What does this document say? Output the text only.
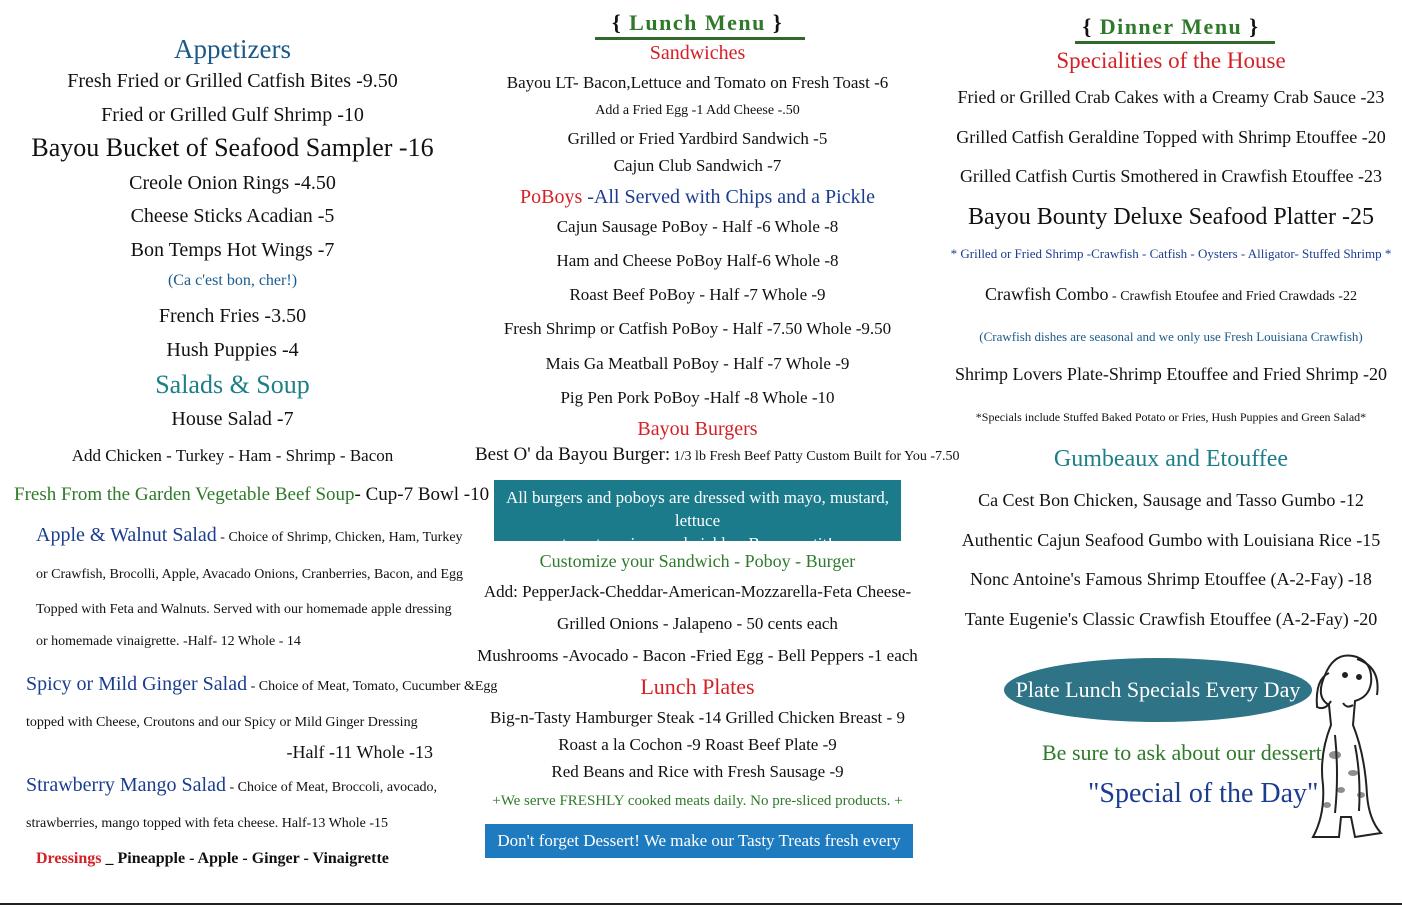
Appetizers
Fresh Fried or Grilled Catfish Bites -9.50
Fried or Grilled Gulf Shrimp -10
Bayou Bucket of Seafood Sampler -16
Creole Onion Rings -4.50
Cheese Sticks Acadian -5
Bon Temps Hot Wings -7
(Ca c'est bon, cher!)
French Fries -3.50
Hush Puppies -4
Salads & Soup
House Salad -7
Add Chicken - Turkey - Ham - Shrimp - Bacon
Fresh From the Garden Vegetable Beef Soup- Cup-7 Bowl -10
Apple & Walnut Salad - Choice of Shrimp, Chicken, Ham, Turkey
or Crawfish, Brocolli, Apple, Avacado Onions, Cranberries, Bacon, and Egg
Topped with Feta and Walnuts. Served with our homemade apple dressing
or homemade vinaigrette. -Half- 12 Whole - 14
Spicy or Mild Ginger Salad - Choice of Meat, Tomato, Cucumber &Egg
topped with Cheese, Croutons and our Spicy or Mild Ginger Dressing
-Half -11 Whole -13
Strawberry Mango Salad - Choice of Meat, Broccoli, avocado,
strawberries, mango topped with feta cheese. Half-13 Whole -15
Dressings _ Pineapple - Apple - Ginger - Vinaigrette
{ Lunch Menu }
Sandwiches
Bayou LT- Bacon,Lettuce and Tomato on Fresh Toast -6
Add a Fried Egg -1 Add Cheese -.50
Grilled or Fried Yardbird Sandwich -5
Cajun Club Sandwich -7
PoBoys -All Served with Chips and a Pickle
Cajun Sausage PoBoy - Half -6 Whole -8
Ham and Cheese PoBoy Half-6 Whole -8
Roast Beef PoBoy - Half -7 Whole -9
Fresh Shrimp or Catfish PoBoy - Half -7.50 Whole -9.50
Mais Ga Meatball PoBoy - Half -7 Whole -9
Pig Pen Pork PoBoy -Half -8 Whole -10
Bayou Burgers
Best O' da Bayou Burger: 1/3 lb Fresh Beef Patty Custom Built for You -7.50
All burgers and poboys are dressed with mayo, mustard, lettuce
tomato onions and pickles. Bon appetit!
Customize your Sandwich - Poboy - Burger
Add: PepperJack-Cheddar-American-Mozzarella-Feta Cheese-
Grilled Onions - Jalapeno - 50 cents each
Mushrooms -Avocado - Bacon -Fried Egg - Bell Peppers -1 each
Lunch Plates
Big-n-Tasty Hamburger Steak -14 Grilled Chicken Breast - 9
Roast a la Cochon -9 Roast Beef Plate -9
Red Beans and Rice with Fresh Sausage -9
+We serve FRESHLY cooked meats daily. No pre-sliced products. +
Don't forget Dessert! We make our Tasty Treats fresh every day!
{ Dinner Menu }
Specialities of the House
Fried or Grilled Crab Cakes with a Creamy Crab Sauce -23
Grilled Catfish Geraldine Topped with Shrimp Etouffee -20
Grilled Catfish Curtis Smothered in Crawfish Etouffee -23
Bayou Bounty Deluxe Seafood Platter -25
* Grilled or Fried Shrimp -Crawfish - Catfish - Oysters - Alligator- Stuffed Shrimp *
Crawfish Combo - Crawfish Etoufee and Fried Crawdads -22
(Crawfish dishes are seasonal and we only use Fresh Louisiana Crawfish)
Shrimp Lovers Plate-Shrimp Etouffee and Fried Shrimp -20
*Specials include Stuffed Baked Potato or Fries, Hush Puppies and Green Salad*
Gumbeaux and Etouffee
Ca Cest Bon Chicken, Sausage and Tasso Gumbo -12
Authentic Cajun Seafood Gumbo with Louisiana Rice -15
Nonc Antoine's Famous Shrimp Etouffee (A-2-Fay) -18
Tante Eugenie's Classic Crawfish Etouffee (A-2-Fay) -20
Plate Lunch Specials Every Day
Be sure to ask about our dessert
"Special of the Day"
